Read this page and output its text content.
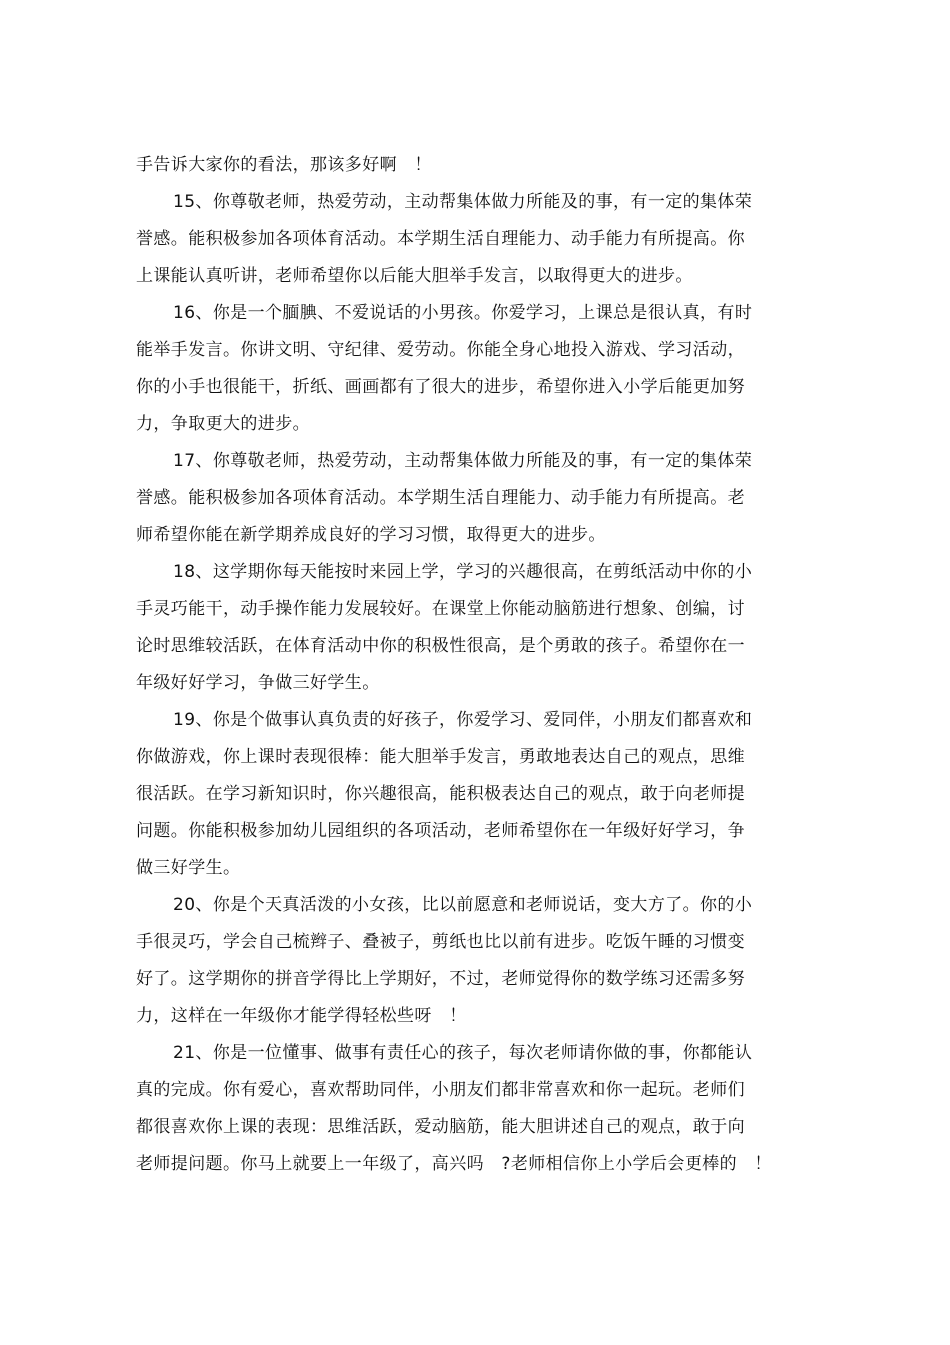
手告诉大家你的看法，那该多好啊　！
15、你尊敬老师，热爱劳动，主动帮集体做力所能及的事，有一定的集体荣
誉感。能积极参加各项体育活动。本学期生活自理能力、动手能力有所提高。你
上课能认真听讲，老师希望你以后能大胆举手发言，以取得更大的进步。
16、你是一个腼腆、不爱说话的小男孩。你爱学习，上课总是很认真，有时
能举手发言。你讲文明、守纪律、爱劳动。你能全身心地投入游戏、学习活动，
你的小手也很能干，折纸、画画都有了很大的进步，希望你进入小学后能更加努
力，争取更大的进步。
17、你尊敬老师，热爱劳动，主动帮集体做力所能及的事，有一定的集体荣
誉感。能积极参加各项体育活动。本学期生活自理能力、动手能力有所提高。老
师希望你能在新学期养成良好的学习习惯，取得更大的进步。
18、这学期你每天能按时来园上学，学习的兴趣很高，在剪纸活动中你的小
手灵巧能干，动手操作能力发展较好。在课堂上你能动脑筋进行想象、创编，讨
论时思维较活跃，在体育活动中你的积极性很高，是个勇敢的孩子。希望你在一
年级好好学习，争做三好学生。
19、你是个做事认真负责的好孩子，你爱学习、爱同伴，小朋友们都喜欢和
你做游戏，你上课时表现很棒：能大胆举手发言，勇敢地表达自己的观点，思维
很活跃。在学习新知识时，你兴趣很高，能积极表达自己的观点，敢于向老师提
问题。你能积极参加幼儿园组织的各项活动，老师希望你在一年级好好学习，争
做三好学生。
20、你是个天真活泼的小女孩，比以前愿意和老师说话，变大方了。你的小
手很灵巧，学会自己梳辫子、叠被子，剪纸也比以前有进步。吃饭午睡的习惯变
好了。这学期你的拼音学得比上学期好，不过，老师觉得你的数学练习还需多努
力，这样在一年级你才能学得轻松些呀　！
21、你是一位懂事、做事有责任心的孩子，每次老师请你做的事，你都能认
真的完成。你有爱心，喜欢帮助同伴，小朋友们都非常喜欢和你一起玩。老师们
都很喜欢你上课的表现：思维活跃，爱动脑筋，能大胆讲述自己的观点，敢于向
老师提问题。你马上就要上一年级了，高兴吗　?老师相信你上小学后会更棒的　！
